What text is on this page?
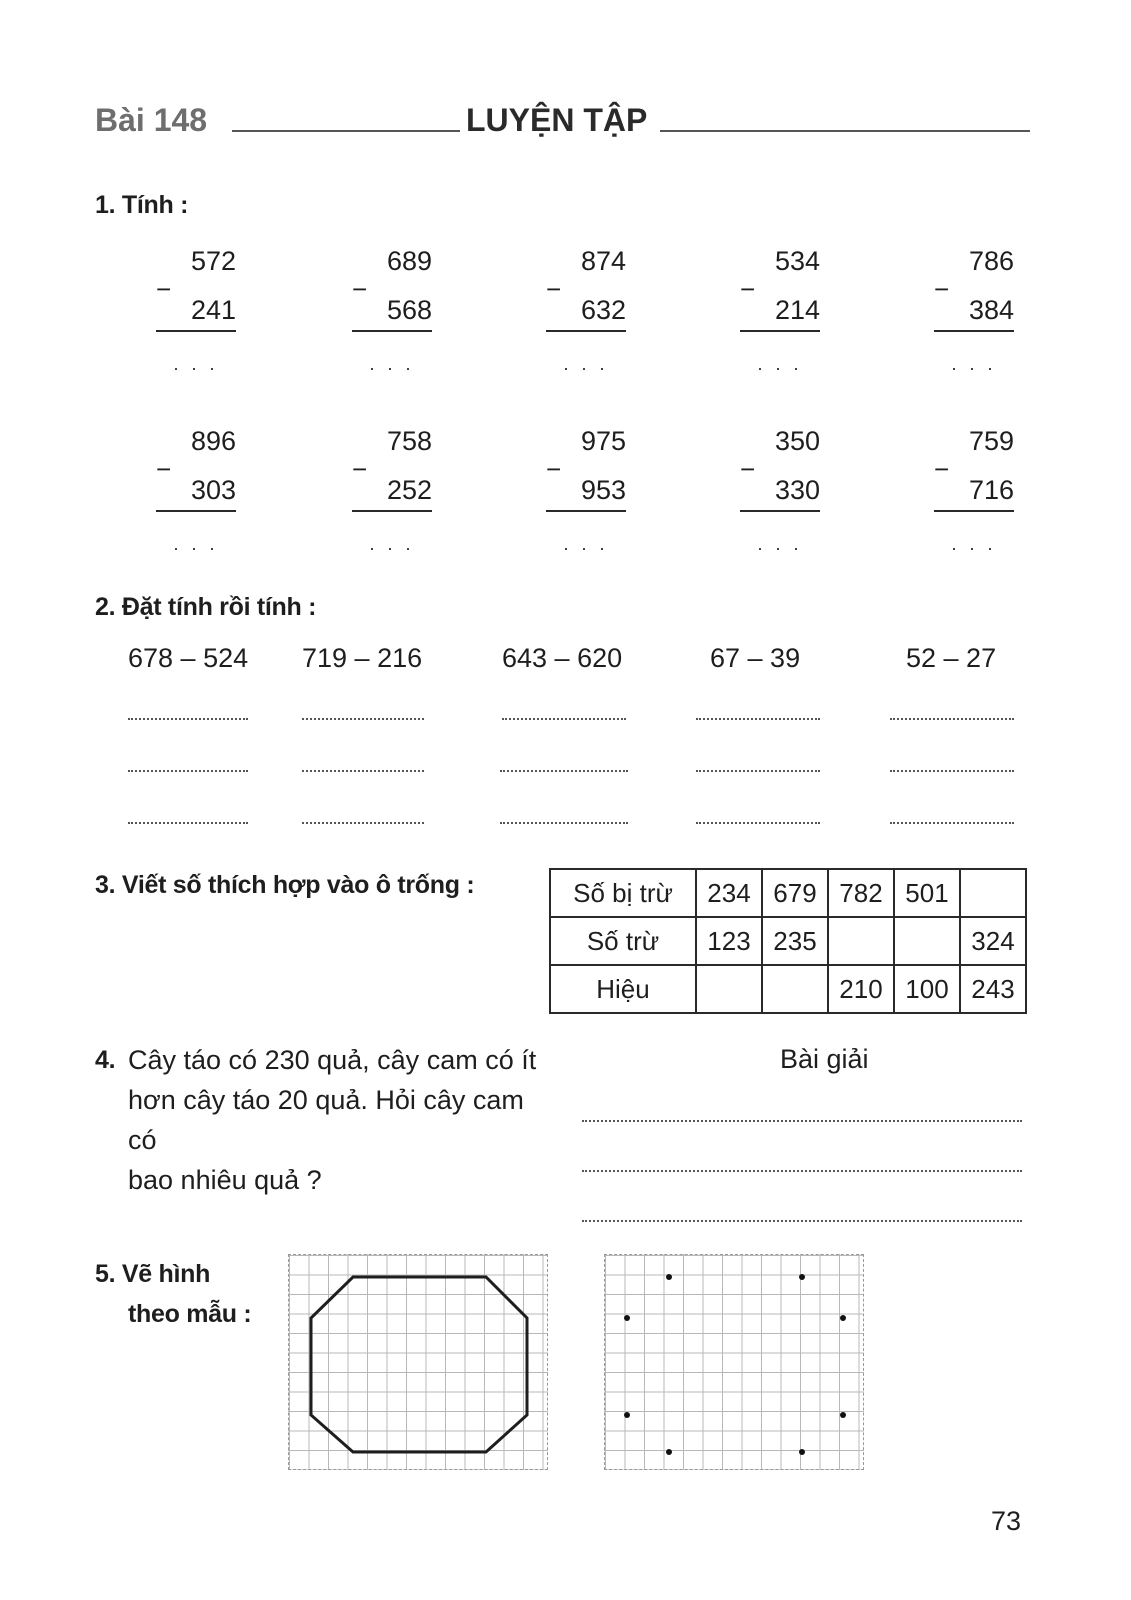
Bài 148	LUYỆN TẬP
1. Tính :
572
−
241
. . .
689
−
568
. . .
874
−
632
. . .
534
−
214
. . .
786
−
384
. . .
896
−
303
. . .
758
−
252
. . .
975
−
953
. . .
350
−
330
. . .
759
−
716
. . .
2. Đặt tính rồi tính :
678 – 524 719 – 216	643 – 620	67 – 39	52 – 27
3. Viết số thích hợp vào ô trống :	Số bị trừ	234	679	782	501	
Số trừ	123	235			324
Hiệu			210	100	243
4. Cây táo có 230 quả, cây cam có ít
hơn cây táo 20 quả. Hỏi cây cam có
bao nhiêu quả ?
Bài giải
5. Vẽ hình
theo mẫu :
73
